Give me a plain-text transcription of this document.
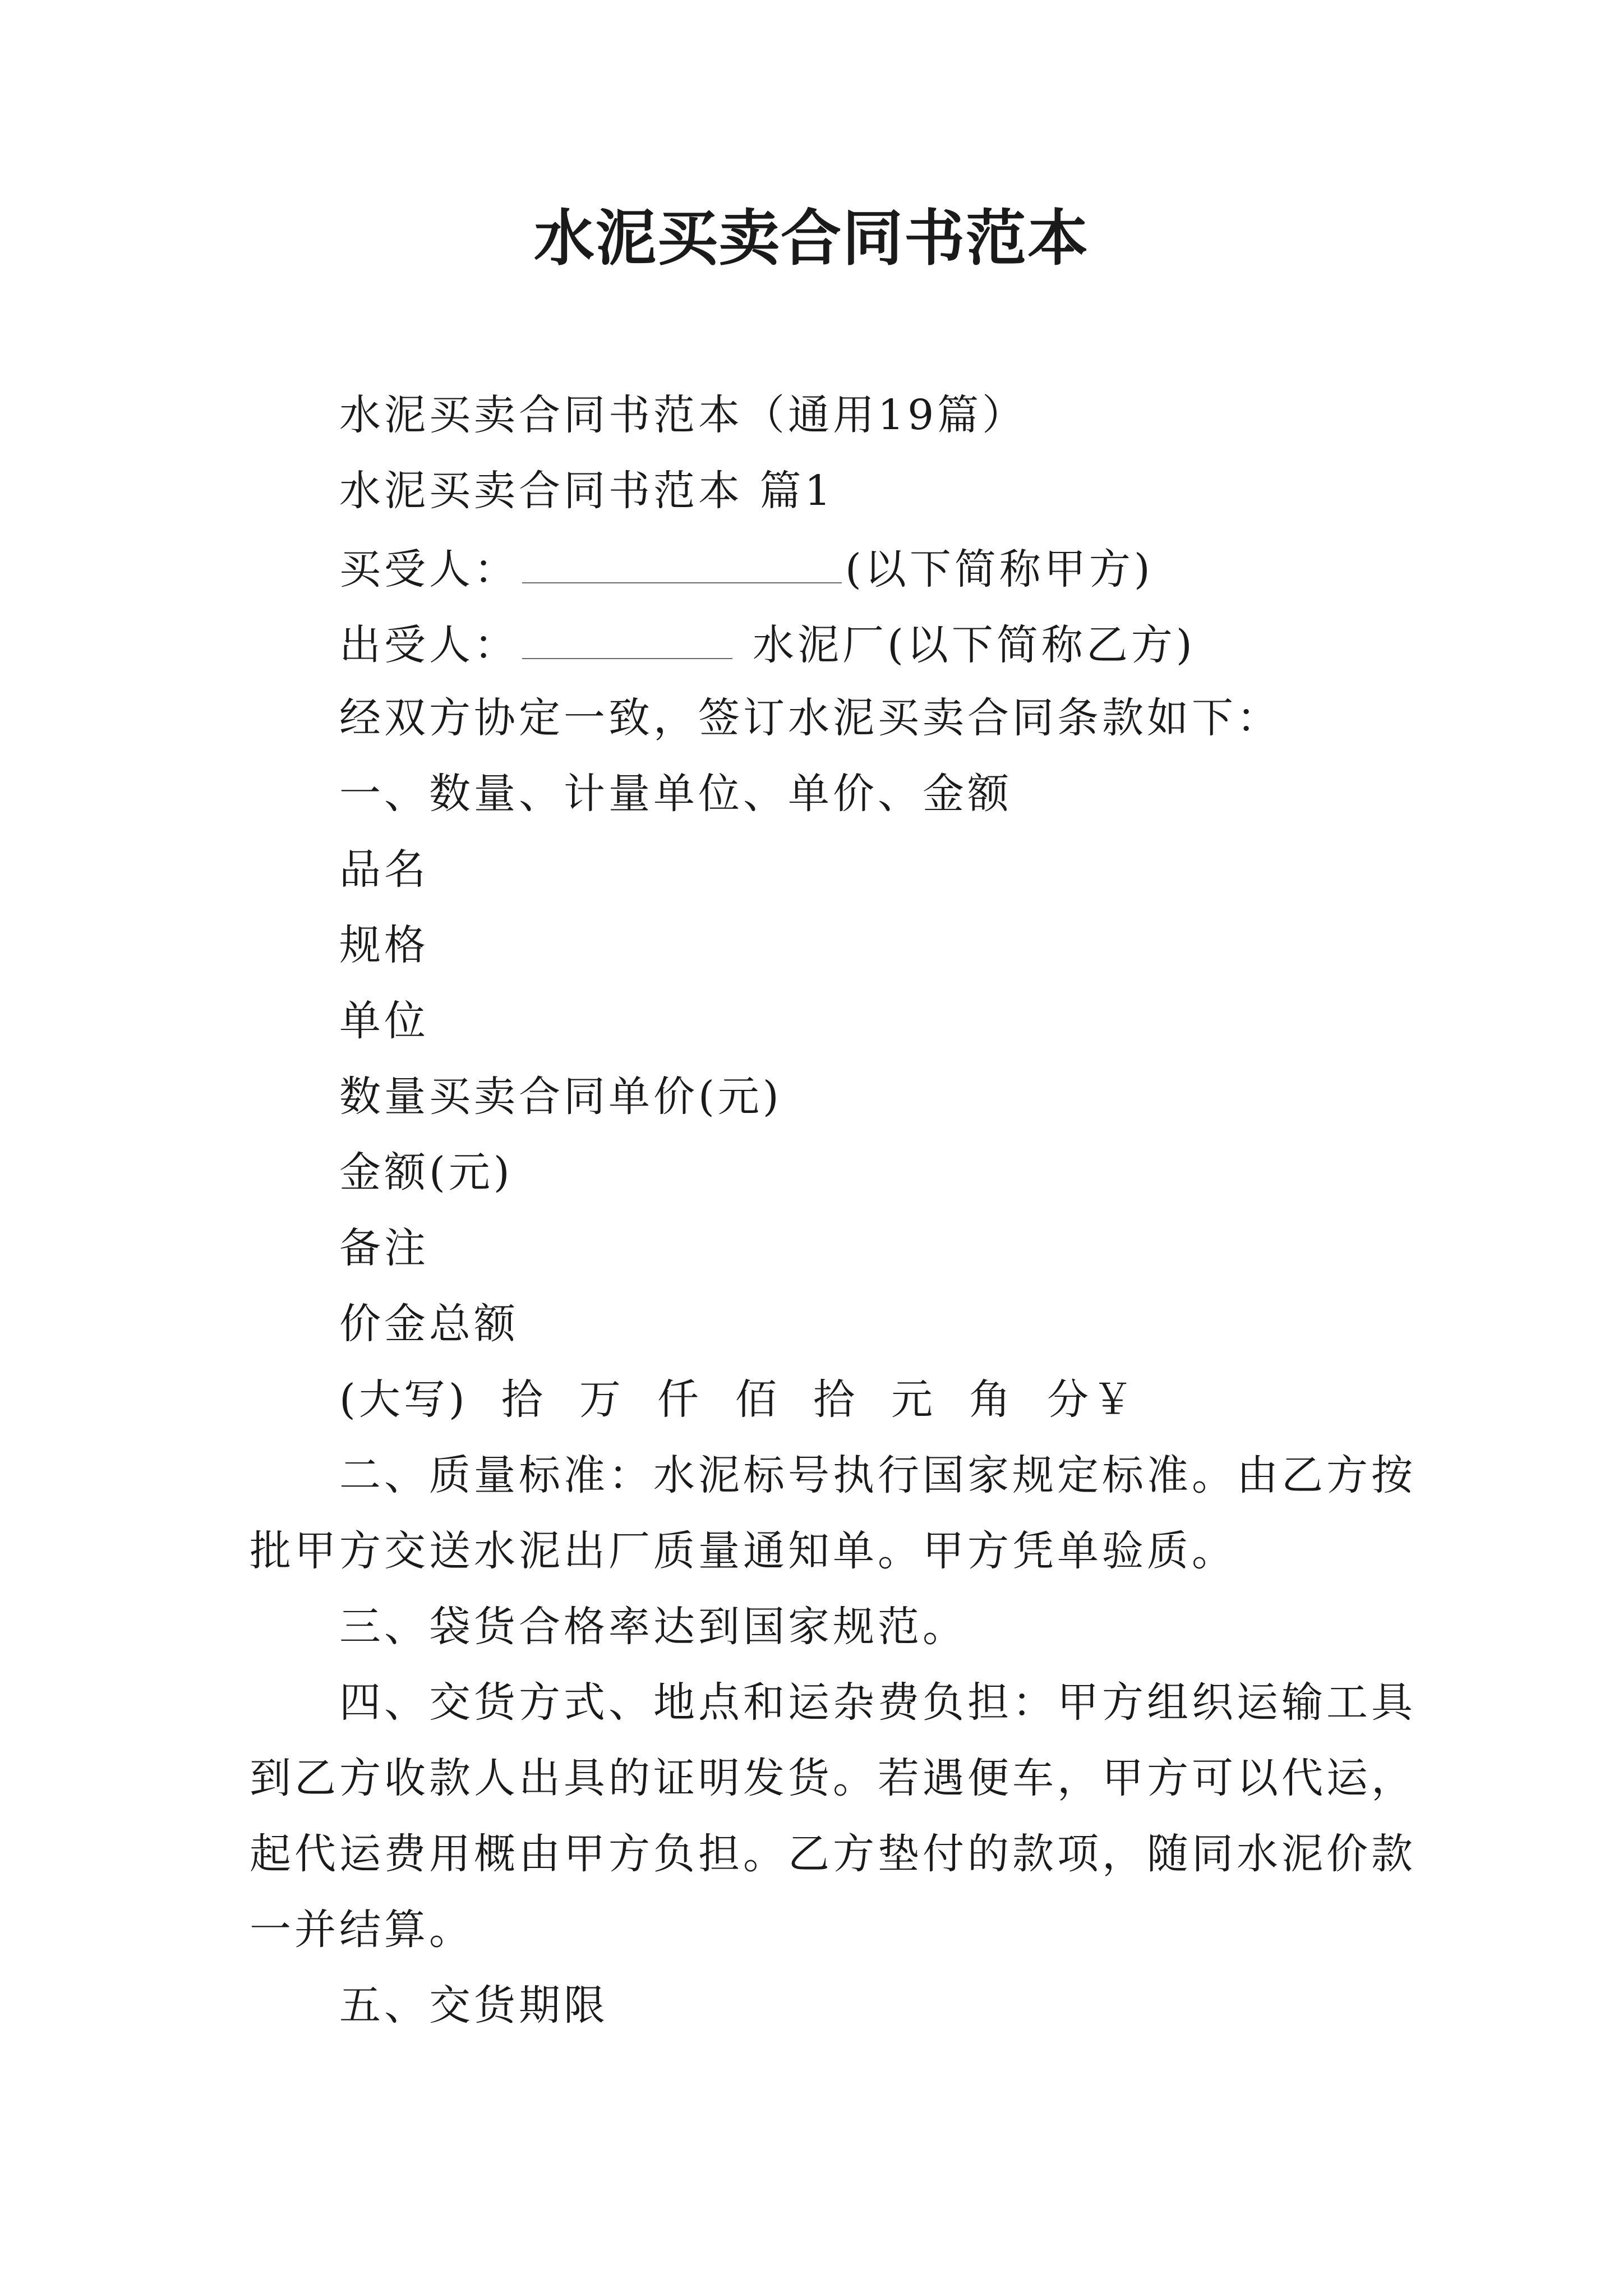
水泥买卖合同书范本
水泥买卖合同书范本（通用19篇）
水泥买卖合同书范本 篇1
买受人：	(以下简称甲方)
出受人：	水泥厂(以下简称乙方)
经双方协定一致，签订水泥买卖合同条款如下：
一、数量、计量单位、单价、金额
品名
规格
单位
数量买卖合同单价(元)
金额(元)
备注
价金总额
(大写)  拾  万  仟  佰  拾  元  角  分￥
二、质量标准：水泥标号执行国家规定标准。由乙方按
批甲方交送水泥出厂质量通知单。甲方凭单验质。
三、袋货合格率达到国家规范。
四、交货方式、地点和运杂费负担：甲方组织运输工具
到乙方收款人出具的证明发货。若遇便车，甲方可以代运，
起代运费用概由甲方负担。乙方垫付的款项，随同水泥价款
一并结算。
五、交货期限
